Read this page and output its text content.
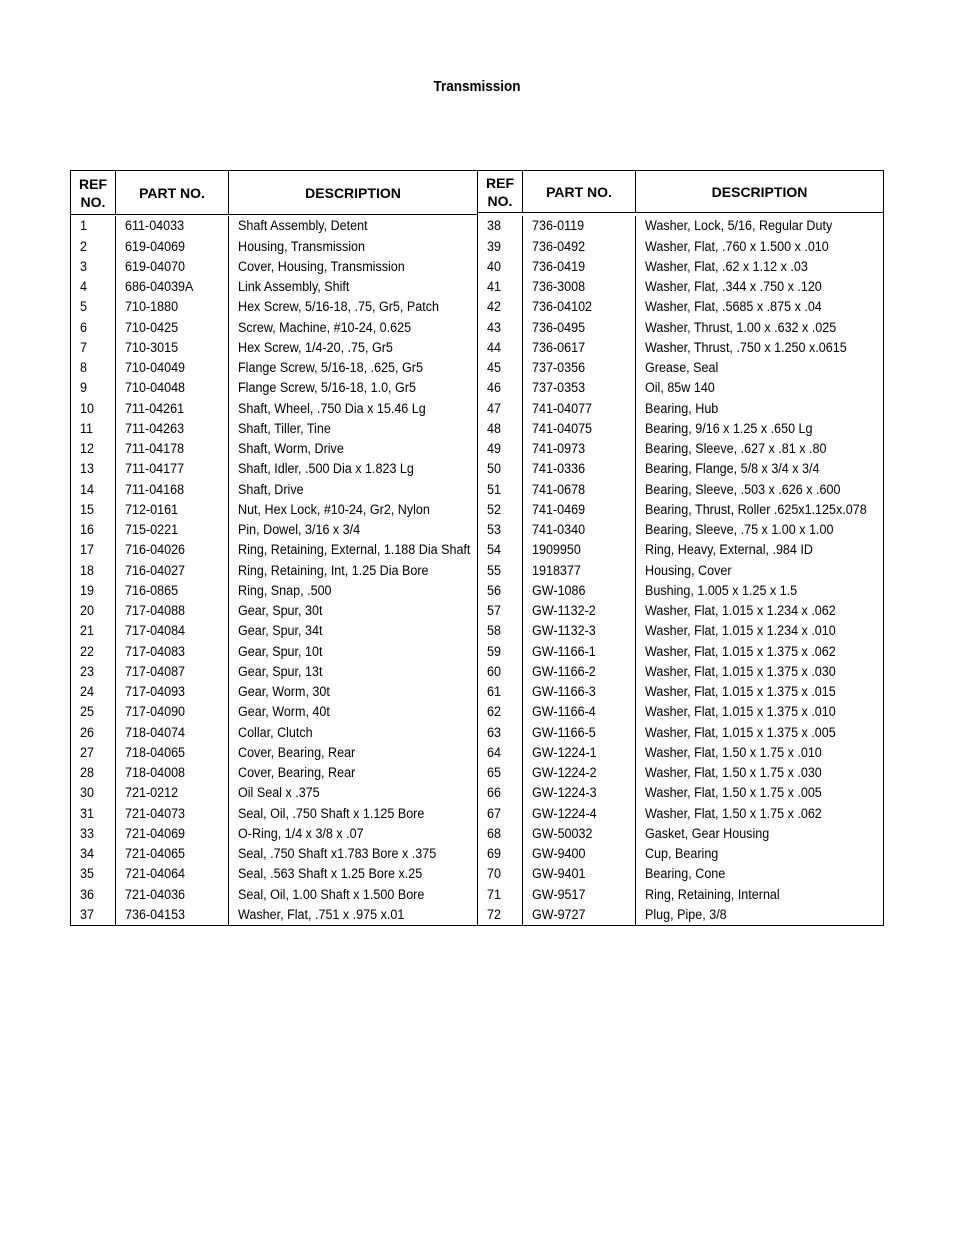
Transmission
REF
NO.
PART NO.	DESCRIPTION
1
2
3
4
5
6
7
8
9
10
11
12
13
14
15
16
17
18
19
20
21
22
23
24
25
26
27
28
30
31
33
34
35
36
37
611-04033
619-04069
619-04070
686-04039A
710-1880
710-0425
710-3015
710-04049
710-04048
711-04261
711-04263
711-04178
711-04177
711-04168
712-0161
715-0221
716-04026
716-04027
716-0865
717-04088
717-04084
717-04083
717-04087
717-04093
717-04090
718-04074
718-04065
718-04008
721-0212
721-04073
721-04069
721-04065
721-04064
721-04036
736-04153
Shaft Assembly, Detent
Housing, Transmission
Cover, Housing, Transmission
Link Assembly, Shift
Hex Screw, 5/16-18, .75, Gr5, Patch
Screw, Machine, #10-24, 0.625
Hex Screw, 1/4-20, .75, Gr5
Flange Screw, 5/16-18, .625, Gr5
Flange Screw, 5/16-18, 1.0, Gr5
Shaft, Wheel, .750 Dia x 15.46 Lg
Shaft, Tiller, Tine
Shaft, Worm, Drive
Shaft, Idler, .500 Dia x 1.823 Lg
Shaft, Drive
Nut, Hex Lock, #10-24, Gr2, Nylon
Pin, Dowel, 3/16 x 3/4
Ring, Retaining, External, 1.188 Dia Shaft
Ring, Retaining, Int, 1.25 Dia Bore
Ring, Snap, .500
Gear, Spur, 30t
Gear, Spur, 34t
Gear, Spur, 10t
Gear, Spur, 13t
Gear, Worm, 30t
Gear, Worm, 40t
Collar, Clutch
Cover, Bearing, Rear
Cover, Bearing, Rear
Oil Seal x .375
Seal, Oil, .750 Shaft x 1.125 Bore
O-Ring, 1/4 x 3/8 x .07
Seal, .750 Shaft x1.783 Bore x .375
Seal, .563 Shaft x 1.25 Bore x.25
Seal, Oil, 1.00 Shaft x 1.500 Bore
Washer, Flat, .751 x .975 x.01
REF
NO.
PART NO.	DESCRIPTION
38
39
40
41
42
43
44
45
46
47
48
49
50
51
52
53
54
55
56
57
58
59
60
61
62
63
64
65
66
67
68
69
70
71
72
736-0119
736-0492
736-0419
736-3008
736-04102
736-0495
736-0617
737-0356
737-0353
741-04077
741-04075
741-0973
741-0336
741-0678
741-0469
741-0340
1909950
1918377
GW-1086
GW-1132-2
GW-1132-3
GW-1166-1
GW-1166-2
GW-1166-3
GW-1166-4
GW-1166-5
GW-1224-1
GW-1224-2
GW-1224-3
GW-1224-4
GW-50032
GW-9400
GW-9401
GW-9517
GW-9727
Washer, Lock, 5/16, Regular Duty
Washer, Flat, .760 x 1.500 x .010
Washer, Flat, .62 x 1.12 x .03
Washer, Flat, .344 x .750 x .120
Washer, Flat, .5685 x .875 x .04
Washer, Thrust, 1.00 x .632 x .025
Washer, Thrust, .750 x 1.250 x.0615
Grease, Seal
Oil, 85w 140
Bearing, Hub
Bearing, 9/16 x 1.25 x .650 Lg
Bearing, Sleeve, .627 x .81 x .80
Bearing, Flange, 5/8 x 3/4 x 3/4
Bearing, Sleeve, .503 x .626 x .600
Bearing, Thrust, Roller .625x1.125x.078
Bearing, Sleeve, .75 x 1.00 x 1.00
Ring, Heavy, External, .984 ID
Housing, Cover
Bushing, 1.005 x 1.25 x 1.5
Washer, Flat, 1.015 x 1.234 x .062
Washer, Flat, 1.015 x 1.234 x .010
Washer, Flat, 1.015 x 1.375 x .062
Washer, Flat, 1.015 x 1.375 x .030
Washer, Flat, 1.015 x 1.375 x .015
Washer, Flat, 1.015 x 1.375 x .010
Washer, Flat, 1.015 x 1.375 x .005
Washer, Flat, 1.50 x 1.75 x .010
Washer, Flat, 1.50 x 1.75 x .030
Washer, Flat, 1.50 x 1.75 x .005
Washer, Flat, 1.50 x 1.75 x .062
Gasket, Gear Housing
Cup, Bearing
Bearing, Cone
Ring, Retaining, Internal
Plug, Pipe, 3/8
